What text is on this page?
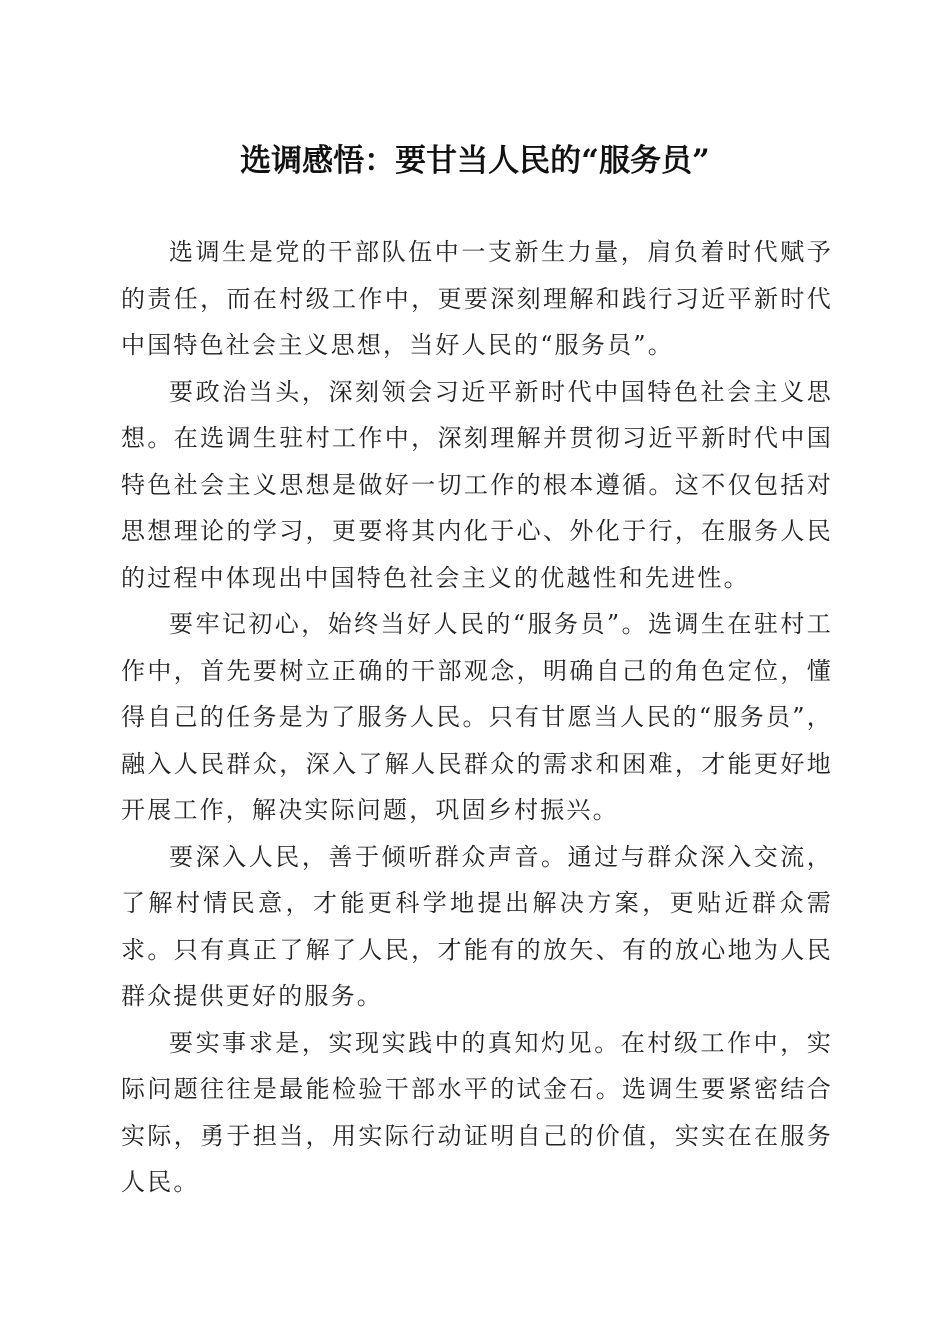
选调感悟：要甘当人民的“服务员”

选调生是党的干部队伍中一支新生力量，肩负着时代赋予的责任，而在村级工作中，更要深刻理解和践行习近平新时代中国特色社会主义思想，当好人民的“服务员”。

要政治当头，深刻领会习近平新时代中国特色社会主义思想。在选调生驻村工作中，深刻理解并贯彻习近平新时代中国特色社会主义思想是做好一切工作的根本遵循。这不仅包括对思想理论的学习，更要将其内化于心、外化于行，在服务人民的过程中体现出中国特色社会主义的优越性和先进性。

要牢记初心，始终当好人民的“服务员”。选调生在驻村工作中，首先要树立正确的干部观念，明确自己的角色定位，懂得自己的任务是为了服务人民。只有甘愿当人民的“服务员”，融入人民群众，深入了解人民群众的需求和困难，才能更好地开展工作，解决实际问题，巩固乡村振兴。

要深入人民，善于倾听群众声音。通过与群众深入交流，了解村情民意，才能更科学地提出解决方案，更贴近群众需求。只有真正了解了人民，才能有的放矢、有的放心地为人民群众提供更好的服务。

要实事求是，实现实践中的真知灼见。在村级工作中，实际问题往往是最能检验干部水平的试金石。选调生要紧密结合实际，勇于担当，用实际行动证明自己的价值，实实在在服务人民。
